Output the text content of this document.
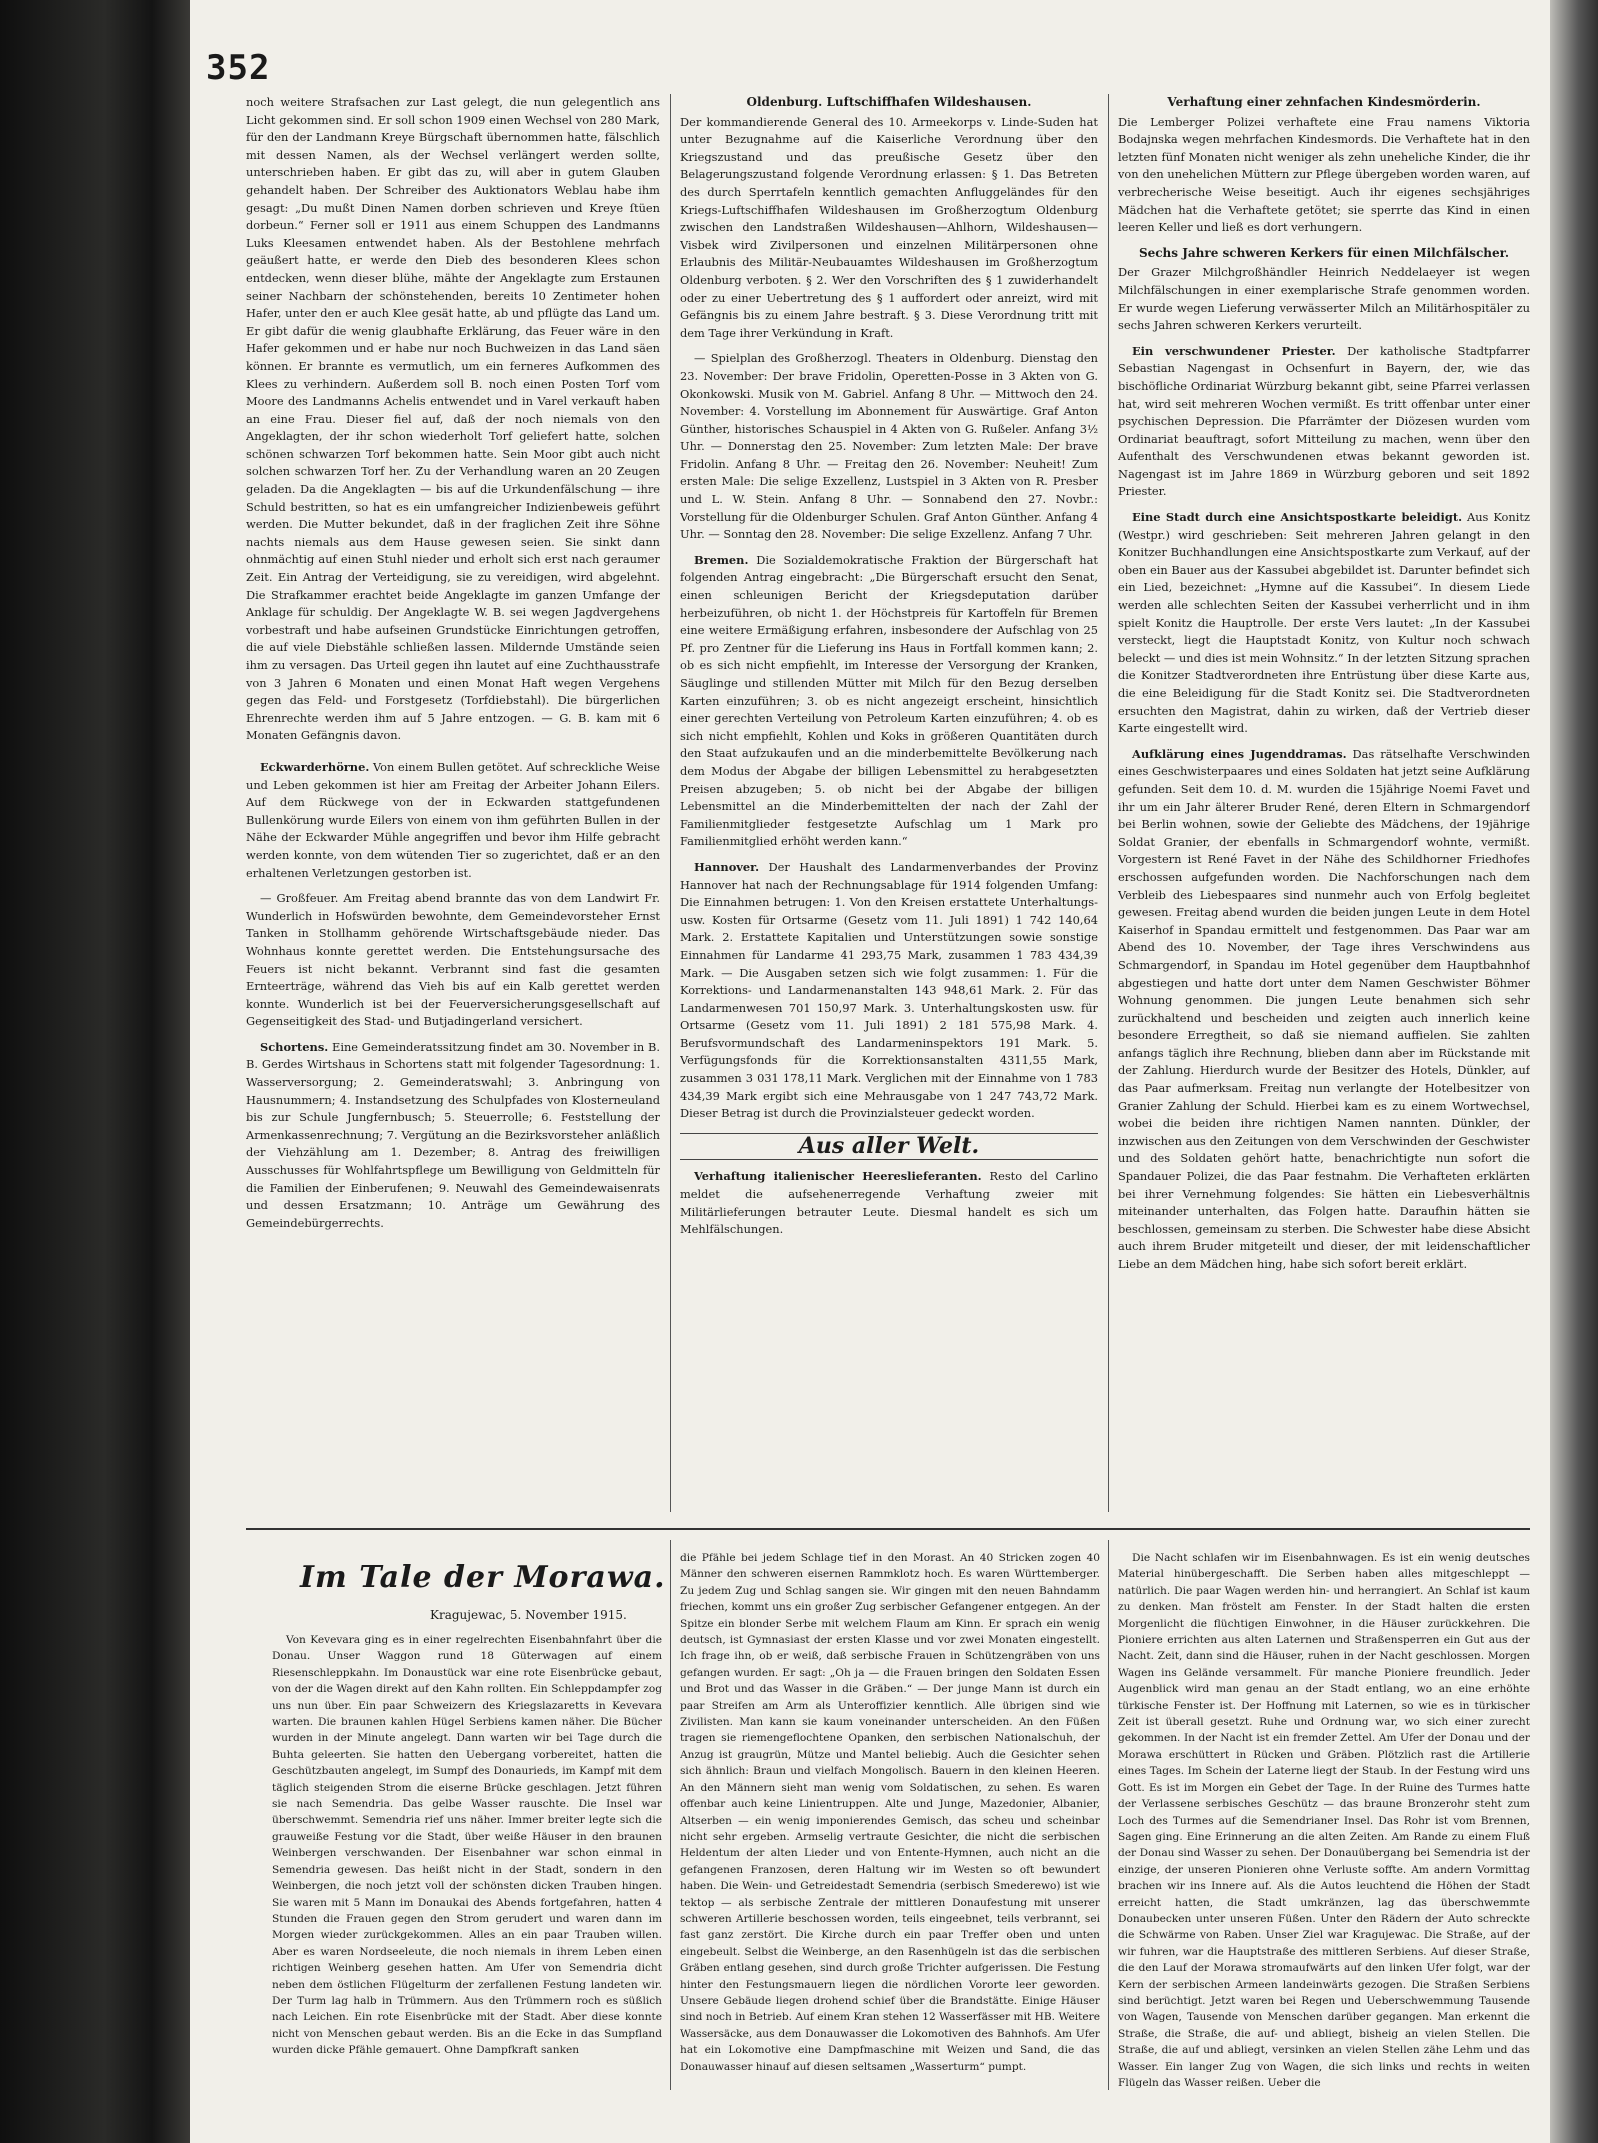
352

noch weitere Strafsachen zur Last gelegt, die nun gelegentlich ans Licht gekommen sind. Er soll schon 1909 einen Wechsel von 280 Mark, für den der Landmann Kreye Bürgschaft übernommen hatte, fälschlich mit dessen Namen, als der Wechsel verlängert werden sollte, unterschrieben haben. Er gibt das zu, will aber in gutem Glauben gehandelt haben. Der Schreiber des Auktionators Weblau habe ihm gesagt: „Du mußt Dinen Namen dorben schrieven und Kreye ſtüen dorbeun.“ Ferner soll er 1911 aus einem Schuppen des Landmanns Luks Kleesamen entwendet haben. Als der Bestohlene mehrfach geäußert hatte, er werde den Dieb des besonderen Klees schon entdecken, wenn dieser blühe, mähte der Angeklagte zum Erstaunen seiner Nachbarn der schönstehenden, bereits 10 Zentimeter hohen Hafer, unter den er auch Klee gesät hatte, ab und pflügte das Land um. Er gibt dafür die wenig glaubhafte Erklärung, das Feuer wäre in den Hafer gekommen und er habe nur noch Buchweizen in das Land säen können. Er brannte es vermutlich, um ein ferneres Aufkommen des Klees zu verhindern. Außerdem soll B. noch einen Posten Torf vom Moore des Landmanns Achelis entwendet und in Varel verkauft haben an eine Frau. Dieser fiel auf, daß der noch niemals von den Angeklagten, der ihr schon wiederholt Torf geliefert hatte, solchen schönen schwarzen Torf bekommen hatte. Sein Moor gibt auch nicht solchen schwarzen Torf her. Zu der Verhandlung waren an 20 Zeugen geladen. Da die Angeklagten — bis auf die Urkundenfälschung — ihre Schuld bestritten, so hat es ein umfangreicher Indizienbeweis geführt werden. Die Mutter bekundet, daß in der fraglichen Zeit ihre Söhne nachts niemals aus dem Hause gewesen seien. Sie sinkt dann ohnmächtig auf einen Stuhl nieder und erholt sich erst nach geraumer Zeit. Ein Antrag der Verteidigung, sie zu vereidigen, wird abgelehnt. Die Strafkammer erachtet beide Angeklagte im ganzen Umfange der Anklage für schuldig. Der Angeklagte W. B. sei wegen Jagdvergehens vorbestraft und habe aufseinen Grundstücke Einrichtungen getroffen, die auf viele Diebstähle schließen lassen. Mildernde Umstände seien ihm zu versagen. Das Urteil gegen ihn lautet auf eine Zuchthausstrafe von 3 Jahren 6 Monaten und einen Monat Haft wegen Vergehens gegen das Feld- und Forstgesetz (Torfdiebstahl). Die bürgerlichen Ehrenrechte werden ihm auf 5 Jahre entzogen. — G. B. kam mit 6 Monaten Gefängnis davon.

Eckwarderhörne. Von einem Bullen getötet. Auf schreckliche Weise und Leben gekommen ist hier am Freitag der Arbeiter Johann Eilers. Auf dem Rückwege von der in Eckwarden stattgefundenen Bullenkörung wurde Eilers von einem von ihm geführten Bullen in der Nähe der Eckwarder Mühle angegriffen und bevor ihm Hilfe gebracht werden konnte, von dem wütenden Tier so zugerichtet, daß er an den erhaltenen Verletzungen gestorben ist.

— Großfeuer. Am Freitag abend brannte das von dem Landwirt Fr. Wunderlich in Hofswürden bewohnte, dem Gemeindevorsteher Ernst Tanken in Stollhamm gehörende Wirtschaftsgebäude nieder. Das Wohnhaus konnte gerettet werden. Die Entstehungsursache des Feuers ist nicht bekannt. Verbrannt sind fast die gesamten Ernteerträge, während das Vieh bis auf ein Kalb gerettet werden konnte. Wunderlich ist bei der Feuerversicherungsgesellschaft auf Gegenseitigkeit des Stad- und Butjadingerland versichert.

Schortens. Eine Gemeinderatssitzung findet am 30. November in B. B. Gerdes Wirtshaus in Schortens statt mit folgender Tagesordnung: 1. Wasserversorgung; 2. Gemeinderatswahl; 3. Anbringung von Hausnummern; 4. Instandsetzung des Schulpfades von Klosterneuland bis zur Schule Jungfernbusch; 5. Steuerrolle; 6. Feststellung der Armenkassenrechnung; 7. Vergütung an die Bezirksvorsteher anläßlich der Viehzählung am 1. Dezember; 8. Antrag des freiwilligen Ausschusses für Wohlfahrtspflege um Bewilligung von Geldmitteln für die Familien der Einberufenen; 9. Neuwahl des Gemeindewaisenrats und dessen Ersatzmann; 10. Anträge um Gewährung des Gemeindebürgerrechts.

Oldenburg. Luftschiffhafen Wildeshausen.

Der kommandierende General des 10. Armeekorps v. Linde-Suden hat unter Bezugnahme auf die Kaiserliche Verordnung über den Kriegszustand und das preußische Gesetz über den Belagerungszustand folgende Verordnung erlassen: § 1. Das Betreten des durch Sperrtafeln kenntlich gemachten Anfluggeländes für den Kriegs-Luftschiffhafen Wildeshausen im Großherzogtum Oldenburg zwischen den Landstraßen Wildeshausen—Ahlhorn, Wildeshausen—Visbek wird Zivilpersonen und einzelnen Militärpersonen ohne Erlaubnis des Militär-Neubauamtes Wildeshausen im Großherzogtum Oldenburg verboten. § 2. Wer den Vorschriften des § 1 zuwiderhandelt oder zu einer Uebertretung des § 1 auffordert oder anreizt, wird mit Gefängnis bis zu einem Jahre bestraft. § 3. Diese Verordnung tritt mit dem Tage ihrer Verkündung in Kraft.

— Spielplan des Großherzogl. Theaters in Oldenburg. Dienstag den 23. November: Der brave Fridolin, Operetten-Posse in 3 Akten von G. Okonkowski. Musik von M. Gabriel. Anfang 8 Uhr. — Mittwoch den 24. November: 4. Vorstellung im Abonnement für Auswärtige. Graf Anton Günther, historisches Schauspiel in 4 Akten von G. Rußeler. Anfang 3½ Uhr. — Donnerstag den 25. November: Zum letzten Male: Der brave Fridolin. Anfang 8 Uhr. — Freitag den 26. November: Neuheit! Zum ersten Male: Die selige Exzellenz, Lustspiel in 3 Akten von R. Presber und L. W. Stein. Anfang 8 Uhr. — Sonnabend den 27. Novbr.: Vorstellung für die Oldenburger Schulen. Graf Anton Günther. Anfang 4 Uhr. — Sonntag den 28. November: Die selige Exzellenz. Anfang 7 Uhr.

Bremen. Die Sozialdemokratische Fraktion der Bürgerschaft hat folgenden Antrag eingebracht: „Die Bürgerschaft ersucht den Senat, einen schleunigen Bericht der Kriegsdeputation darüber herbeizuführen, ob nicht 1. der Höchstpreis für Kartoffeln für Bremen eine weitere Ermäßigung erfahren, insbesondere der Aufschlag von 25 Pf. pro Zentner für die Lieferung ins Haus in Fortfall kommen kann; 2. ob es sich nicht empfiehlt, im Interesse der Versorgung der Kranken, Säuglinge und stillenden Mütter mit Milch für den Bezug derselben Karten einzuführen; 3. ob es nicht angezeigt erscheint, hinsichtlich einer gerechten Verteilung von Petroleum Karten einzuführen; 4. ob es sich nicht empfiehlt, Kohlen und Koks in größeren Quantitäten durch den Staat aufzukaufen und an die minderbemittelte Bevölkerung nach dem Modus der Abgabe der billigen Lebensmittel zu herabgesetzten Preisen abzugeben; 5. ob nicht bei der Abgabe der billigen Lebensmittel an die Minderbemittelten der nach der Zahl der Familienmitglieder festgesetzte Aufschlag um 1 Mark pro Familienmitglied erhöht werden kann.“

Hannover. Der Haushalt des Landarmenverbandes der Provinz Hannover hat nach der Rechnungsablage für 1914 folgenden Umfang: Die Einnahmen betrugen: 1. Von den Kreisen erstattete Unterhaltungs- usw. Kosten für Ortsarme (Gesetz vom 11. Juli 1891) 1 742 140,64 Mark. 2. Erstattete Kapitalien und Unterstützungen sowie sonstige Einnahmen für Landarme 41 293,75 Mark, zusammen 1 783 434,39 Mark. — Die Ausgaben setzen sich wie folgt zusammen: 1. Für die Korrektions- und Landarmenanstalten 143 948,61 Mark. 2. Für das Landarmenwesen 701 150,97 Mark. 3. Unterhaltungskosten usw. für Ortsarme (Gesetz vom 11. Juli 1891) 2 181 575,98 Mark. 4. Berufsvormundschaft des Landarmeninspektors 191 Mark. 5. Verfügungsfonds für die Korrektionsanstalten 4311,55 Mark, zusammen 3 031 178,11 Mark. Verglichen mit der Einnahme von 1 783 434,39 Mark ergibt sich eine Mehrausgabe von 1 247 743,72 Mark. Dieser Betrag ist durch die Provinzialsteuer gedeckt worden.

Aus aller Welt.

Verhaftung italienischer Heereslieferanten. Resto del Carlino meldet die aufsehenerregende Verhaftung zweier mit Militärlieferungen betrauter Leute. Diesmal handelt es sich um Mehlfälschungen.

Verhaftung einer zehnfachen Kindesmörderin.

Die Lemberger Polizei verhaftete eine Frau namens Viktoria Bodajnska wegen mehrfachen Kindesmords. Die Verhaftete hat in den letzten fünf Monaten nicht weniger als zehn uneheliche Kinder, die ihr von den unehelichen Müttern zur Pflege übergeben worden waren, auf verbrecherische Weise beseitigt. Auch ihr eigenes sechsjähriges Mädchen hat die Verhaftete getötet; sie sperrte das Kind in einen leeren Keller und ließ es dort verhungern.

Sechs Jahre schweren Kerkers für einen Milchfälscher.

Der Grazer Milchgroßhändler Heinrich Neddelaeyer ist wegen Milchfälschungen in einer exemplarische Strafe genommen worden. Er wurde wegen Lieferung verwässerter Milch an Militärhospitäler zu sechs Jahren schweren Kerkers verurteilt.

Ein verschwundener Priester. Der katholische Stadtpfarrer Sebastian Nagengast in Ochsenfurt in Bayern, der, wie das bischöfliche Ordinariat Würzburg bekannt gibt, seine Pfarrei verlassen hat, wird seit mehreren Wochen vermißt. Es tritt offenbar unter einer psychischen Depression. Die Pfarrämter der Diözesen wurden vom Ordinariat beauftragt, sofort Mitteilung zu machen, wenn über den Aufenthalt des Verschwundenen etwas bekannt geworden ist. Nagengast ist im Jahre 1869 in Würzburg geboren und seit 1892 Priester.

Eine Stadt durch eine Ansichtspostkarte beleidigt. Aus Konitz (Westpr.) wird geschrieben: Seit mehreren Jahren gelangt in den Konitzer Buchhandlungen eine Ansichtspostkarte zum Verkauf, auf der oben ein Bauer aus der Kassubei abgebildet ist. Darunter befindet sich ein Lied, bezeichnet: „Hymne auf die Kassubei“. In diesem Liede werden alle schlechten Seiten der Kassubei verherrlicht und in ihm spielt Konitz die Hauptrolle. Der erste Vers lautet: „In der Kassubei versteckt, liegt die Hauptstadt Konitz, von Kultur noch schwach beleckt — und dies ist mein Wohnsitz.“ In der letzten Sitzung sprachen die Konitzer Stadtverordneten ihre Entrüstung über diese Karte aus, die eine Beleidigung für die Stadt Konitz sei. Die Stadtverordneten ersuchten den Magistrat, dahin zu wirken, daß der Vertrieb dieser Karte eingestellt wird.

Aufklärung eines Jugenddramas. Das rätselhafte Verschwinden eines Geschwisterpaares und eines Soldaten hat jetzt seine Aufklärung gefunden. Seit dem 10. d. M. wurden die 15jährige Noemi Favet und ihr um ein Jahr älterer Bruder René, deren Eltern in Schmargendorf bei Berlin wohnen, sowie der Geliebte des Mädchens, der 19jährige Soldat Granier, der ebenfalls in Schmargendorf wohnte, vermißt. Vorgestern ist René Favet in der Nähe des Schildhorner Friedhofes erschossen aufgefunden worden. Die Nachforschungen nach dem Verbleib des Liebespaares sind nunmehr auch von Erfolg begleitet gewesen. Freitag abend wurden die beiden jungen Leute in dem Hotel Kaiserhof in Spandau ermittelt und festgenommen. Das Paar war am Abend des 10. November, der Tage ihres Verschwindens aus Schmargendorf, in Spandau im Hotel gegenüber dem Hauptbahnhof abgestiegen und hatte dort unter dem Namen Geschwister Böhmer Wohnung genommen. Die jungen Leute benahmen sich sehr zurückhaltend und bescheiden und zeigten auch innerlich keine besondere Erregtheit, so daß sie niemand auffielen. Sie zahlten anfangs täglich ihre Rechnung, blieben dann aber im Rückstande mit der Zahlung. Hierdurch wurde der Besitzer des Hotels, Dünkler, auf das Paar aufmerksam. Freitag nun verlangte der Hotelbesitzer von Granier Zahlung der Schuld. Hierbei kam es zu einem Wortwechsel, wobei die beiden ihre richtigen Namen nannten. Dünkler, der inzwischen aus den Zeitungen von dem Verschwinden der Geschwister und des Soldaten gehört hatte, benachrichtigte nun sofort die Spandauer Polizei, die das Paar festnahm. Die Verhafteten erklärten bei ihrer Vernehmung folgendes: Sie hätten ein Liebesverhältnis miteinander unterhalten, das Folgen hatte. Daraufhin hätten sie beschlossen, gemeinsam zu sterben. Die Schwester habe diese Absicht auch ihrem Bruder mitgeteilt und dieser, der mit leidenschaftlicher Liebe an dem Mädchen hing, habe sich sofort bereit erklärt.

Im Tale der Morawa.
Kragujewac, 5. November 1915.

Von Kevevara ging es in einer regelrechten Eisenbahnfahrt über die Donau. Unser Waggon rund 18 Güterwagen auf einem Riesenschleppkahn. Im Donaustück war eine rote Eisenbrücke gebaut, von der die Wagen direkt auf den Kahn rollten. Ein Schleppdampfer zog uns nun über. Ein paar Schweizern des Kriegslazaretts in Kevevara warten. Die braunen kahlen Hügel Serbiens kamen näher. Die Bücher wurden in der Minute angelegt. Dann warten wir bei Tage durch die Buhta geleerten. Sie hatten den Uebergang vorbereitet, hatten die Geschützbauten angelegt, im Sumpf des Donaurieds, im Kampf mit dem täglich steigenden Strom die eiserne Brücke geschlagen. Jetzt führen sie nach Semendria. Das gelbe Wasser rauschte. Die Insel war überschwemmt. Semendria rief uns näher. Immer breiter legte sich die grauweiße Festung vor die Stadt, über weiße Häuser in den braunen Weinbergen verschwanden. Der Eisenbahner war schon einmal in Semendria gewesen. Das heißt nicht in der Stadt, sondern in den Weinbergen, die noch jetzt voll der schönsten dicken Trauben hingen. Sie waren mit 5 Mann im Donaukai des Abends fortgefahren, hatten 4 Stunden die Frauen gegen den Strom gerudert und waren dann im Morgen wieder zurückgekommen. Alles an ein paar Trauben willen. Aber es waren Nordseeleute, die noch niemals in ihrem Leben einen richtigen Weinberg gesehen hatten. Am Ufer von Semendria dicht neben dem östlichen Flügelturm der zerfallenen Festung landeten wir. Der Turm lag halb in Trümmern. Aus den Trümmern roch es süßlich nach Leichen. Ein rote Eisenbrücke mit der Stadt. Aber diese konnte nicht von Menschen gebaut werden. Bis an die Ecke in das Sumpfland wurden dicke Pfähle gemauert. Ohne Dampfkraft sanken

die Pfähle bei jedem Schlage tief in den Morast. An 40 Stricken zogen 40 Männer den schweren eisernen Rammklotz hoch. Es waren Württemberger. Zu jedem Zug und Schlag sangen sie. Wir gingen mit den neuen Bahndamm friechen, kommt uns ein großer Zug serbischer Gefangener entgegen. An der Spitze ein blonder Serbe mit welchem Flaum am Kinn. Er sprach ein wenig deutsch, ist Gymnasiast der ersten Klasse und vor zwei Monaten eingestellt. Ich frage ihn, ob er weiß, daß serbische Frauen in Schützengräben von uns gefangen wurden. Er sagt: „Oh ja — die Frauen bringen den Soldaten Essen und Brot und das Wasser in die Gräben.“ — Der junge Mann ist durch ein paar Streifen am Arm als Unteroffizier kenntlich. Alle übrigen sind wie Zivilisten. Man kann sie kaum voneinander unterscheiden. An den Füßen tragen sie riemengeflochtene Opanken, den serbischen Nationalschuh, der Anzug ist graugrün, Mütze und Mantel beliebig. Auch die Gesichter sehen sich ähnlich: Braun und vielfach Mongolisch. Bauern in den kleinen Heeren. An den Männern sieht man wenig vom Soldatischen, zu sehen. Es waren offenbar auch keine Linientruppen. Alte und Junge, Mazedonier, Albanier, Altserben — ein wenig imponierendes Gemisch, das scheu und scheinbar nicht sehr ergeben. Armselig vertraute Gesichter, die nicht die serbischen Heldentum der alten Lieder und von Entente-Hymnen, auch nicht an die gefangenen Franzosen, deren Haltung wir im Westen so oft bewundert haben. Die Wein- und Getreidestadt Semendria (serbisch Smederewo) ist wie tektop — als serbische Zentrale der mittleren Donaufestung mit unserer schweren Artillerie beschossen worden, teils eingeebnet, teils verbrannt, sei fast ganz zerstört. Die Kirche durch ein paar Treffer oben und unten eingebeult. Selbst die Weinberge, an den Rasenhügeln ist das die serbischen Gräben entlang gesehen, sind durch große Trichter aufgerissen. Die Festung hinter den Festungsmauern liegen die nördlichen Vororte leer geworden. Unsere Gebäude liegen drohend schief über die Brandstätte. Einige Häuser sind noch in Betrieb. Auf einem Kran stehen 12 Wasserfässer mit HB. Weitere Wassersäcke, aus dem Donauwasser die Lokomotiven des Bahnhofs. Am Ufer hat ein Lokomotive eine Dampfmaschine mit Weizen und Sand, die das Donauwasser hinauf auf diesen seltsamen „Wasserturm“ pumpt.

Die Nacht schlafen wir im Eisenbahnwagen. Es ist ein wenig deutsches Material hinübergeschafft. Die Serben haben alles mitgeschleppt — natürlich. Die paar Wagen werden hin- und herrangiert. An Schlaf ist kaum zu denken. Man fröstelt am Fenster. In der Stadt halten die ersten Morgenlicht die flüchtigen Einwohner, in die Häuser zurückkehren. Die Pioniere errichten aus alten Laternen und Straßensperren ein Gut aus der Nacht. Zeit, dann sind die Häuser, ruhen in der Nacht geschlossen. Morgen Wagen ins Gelände versammelt. Für manche Pioniere freundlich. Jeder Augenblick wird man genau an der Stadt entlang, wo an eine erhöhte türkische Fenster ist. Der Hoffnung mit Laternen, so wie es in türkischer Zeit ist überall gesetzt. Ruhe und Ordnung war, wo sich einer zurecht gekommen. In der Nacht ist ein fremder Zettel. Am Ufer der Donau und der Morawa erschüttert in Rücken und Gräben. Plötzlich rast die Artillerie eines Tages. Im Schein der Laterne liegt der Staub. In der Festung wird uns Gott. Es ist im Morgen ein Gebet der Tage. In der Ruine des Turmes hatte der Verlassene serbisches Geschütz — das braune Bronzerohr steht zum Loch des Turmes auf die Semendrianer Insel. Das Rohr ist vom Brennen, Sagen ging. Eine Erinnerung an die alten Zeiten. Am Rande zu einem Fluß der Donau sind Wasser zu sehen. Der Donauübergang bei Semendria ist der einzige, der unseren Pionieren ohne Verluste soffte. Am andern Vormittag brachen wir ins Innere auf. Als die Autos leuchtend die Höhen der Stadt erreicht hatten, die Stadt umkränzen, lag das überschwemmte Donaubecken unter unseren Füßen. Unter den Rädern der Auto schreckte die Schwärme von Raben. Unser Ziel war Kragujewac. Die Straße, auf der wir fuhren, war die Hauptstraße des mittleren Serbiens. Auf dieser Straße, die den Lauf der Morawa stromaufwärts auf den linken Ufer folgt, war der Kern der serbischen Armeen landeinwärts gezogen. Die Straßen Serbiens sind berüchtigt. Jetzt waren bei Regen und Ueberschwemmung Tausende von Wagen, Tausende von Menschen darüber gegangen. Man erkennt die Straße, die Straße, die auf- und abliegt, bisheig an vielen Stellen. Die Straße, die auf und abliegt, versinken an vielen Stellen zähe Lehm und das Wasser. Ein langer Zug von Wagen, die sich links und rechts in weiten Flügeln das Wasser reißen. Ueber die
